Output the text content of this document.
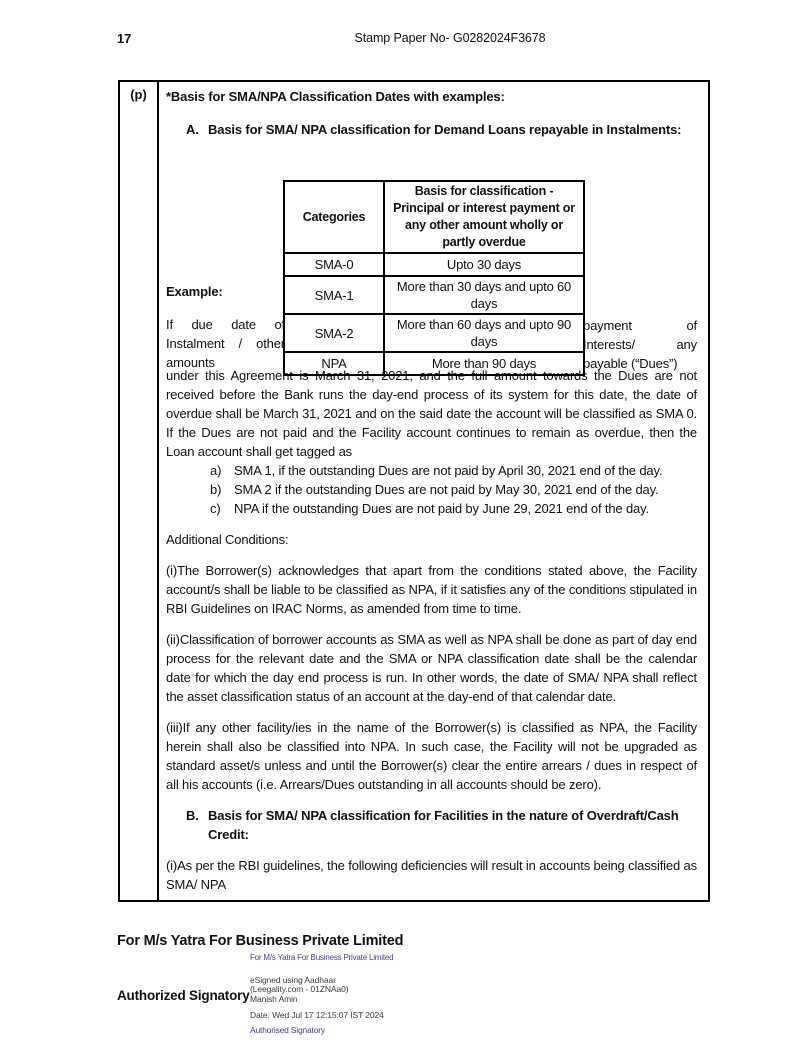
17	Stamp Paper No- G0282024F3678
(p)	*Basis for SMA/NPA Classification Dates with examples:
A. Basis for SMA/ NPA classification for Demand Loans repayable in Instalments:
Categories	Basis for classification - Principal or interest payment or any other amount wholly or partly overdue
SMA-0	Upto 30 days
SMA-1	More than 30 days and upto 60 days
SMA-2	More than 60 days and upto 90 days
NPA	More than 90 days
Example:
If due date of Instalment / other amounts
payment of Interests/ any payable (“Dues”)
under this Agreement is March 31, 2021, and the full amount towards the Dues are not received before the Bank runs the day-end process of its system for this date, the date of overdue shall be March 31, 2021 and on the said date the account will be classified as SMA 0. If the Dues are not paid and the Facility account continues to remain as overdue, then the Loan account shall get tagged as
a) SMA 1, if the outstanding Dues are not paid by April 30, 2021 end of the day.
b) SMA 2 if the outstanding Dues are not paid by May 30, 2021 end of the day.
c)	NPA if the outstanding Dues are not paid by June 29, 2021 end of the day.
Additional Conditions:
(i)The Borrower(s) acknowledges that apart from the conditions stated above, the Facility account/s shall be liable to be classified as NPA, if it satisfies any of the conditions stipulated in RBI Guidelines on IRAC Norms, as amended from time to time.
(ii)Classification of borrower accounts as SMA as well as NPA shall be done as part of day end process for the relevant date and the SMA or NPA classification date shall be the calendar date for which the day end process is run. In other words, the date of SMA/ NPA shall reflect the asset classification status of an account at the day-end of that calendar date.
(iii)If any other facility/ies in the name of the Borrower(s) is classified as NPA, the Facility herein shall also be classified into NPA. In such case, the Facility will not be upgraded as standard asset/s unless and until the Borrower(s) clear the entire arrears / dues in respect of all his accounts (i.e. Arrears/Dues outstanding in all accounts should be zero).
B. Basis for SMA/ NPA classification for Facilities in the nature of Overdraft/Cash Credit:
(i)As per the RBI guidelines, the following deficiencies will result in accounts being classified as SMA/ NPA
For M/s Yatra For Business Private Limited
Authorized Signatory
For M/s Yatra For Business Private Limited
eSigned using Aadhaar
(Leegality.com - 01ZNAa0)
Manish Amin
Date: Wed Jul 17 12:15:07 IST 2024
Authorised Signatory
